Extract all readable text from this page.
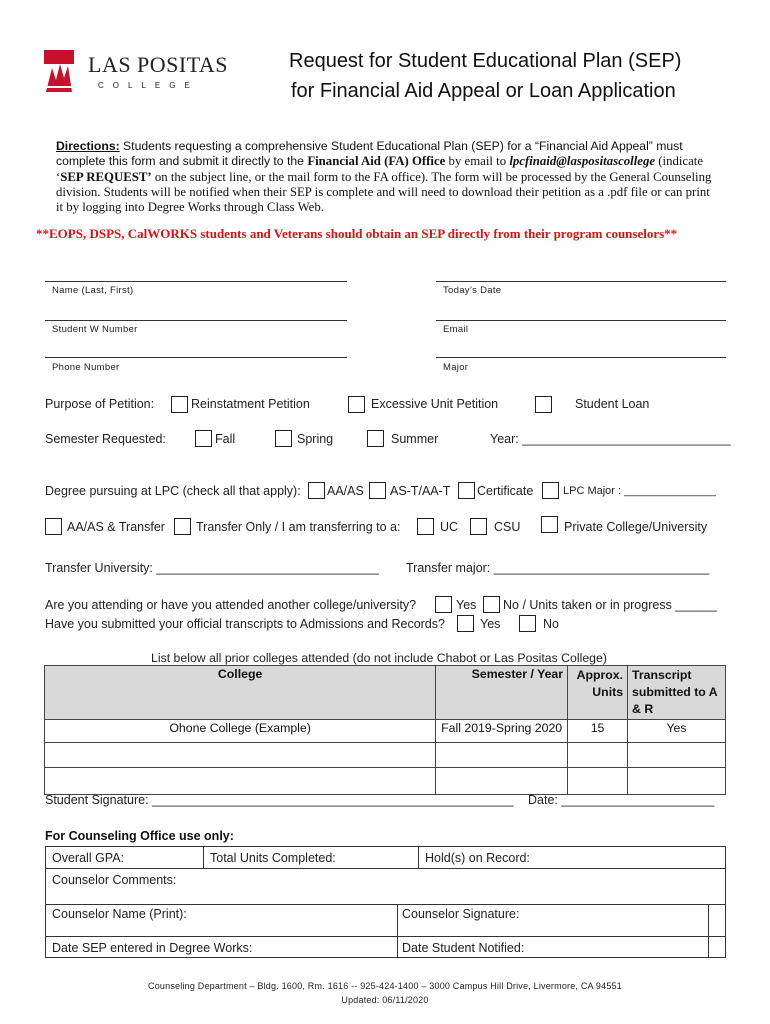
LAS POSITAS
COLLEGE
Request for Student Educational Plan (SEP)
for Financial Aid Appeal or Loan Application
Directions: Students requesting a comprehensive Student Educational Plan (SEP) for a “Financial Aid Appeal” must complete this form and submit it directly to the Financial Aid (FA) Office by email to lpcfinaid@laspositascollege (indicate ‘SEP REQUEST’ on the subject line, or the mail form to the FA office). The form will be processed by the General Counseling division. Students will be notified when their SEP is complete and will need to download their petition as a .pdf file or can print it by logging into Degree Works through Class Web.
**EOPS, DSPS, CalWORKS students and Veterans should obtain an SEP directly from their program counselors**
Name (Last, First)	Today’s Date
Student W Number	Email
Phone Number	Major
Purpose of Petition:	Reinstatment Petition	Excessive Unit Petition	Student Loan
Semester Requested:	Fall	Spring	Summer	Year: ______________________________
Degree pursuing at LPC (check all that apply): AA/AS AS-T/AA-T Certificate	LPC Major : _______________
AA/AS & Transfer Transfer Only / I am transferring to a:	UC	CSU	Private College/University
Transfer University: ________________________________ Transfer major: _______________________________
Are you attending or have you attended another college/university?	Yes No / Units taken or in progress ______
Have you submitted your official transcripts to Admissions and Records?	Yes	No
List below all prior colleges attended (do not include Chabot or Las Positas College)
College	Semester / Year	Approx. Units	Transcript submitted to A & R
Ohone College (Example)	Fall 2019-Spring 2020	15	Yes

Student Signature: ____________________________________________________ Date: ______________________
For Counseling Office use only:
Overall GPA:	Total Units Completed:	Hold(s) on Record:
Counselor Comments:
Counselor Name (Print):	Counselor Signature:
Date SEP entered in Degree Works:	Date Student Notified:
Counseling Department – Bldg. 1600, Rm. 1616 -- 925-424-1400 – 3000 Campus Hill Drive, Livermore, CA 94551
Updated: 06/11/2020
